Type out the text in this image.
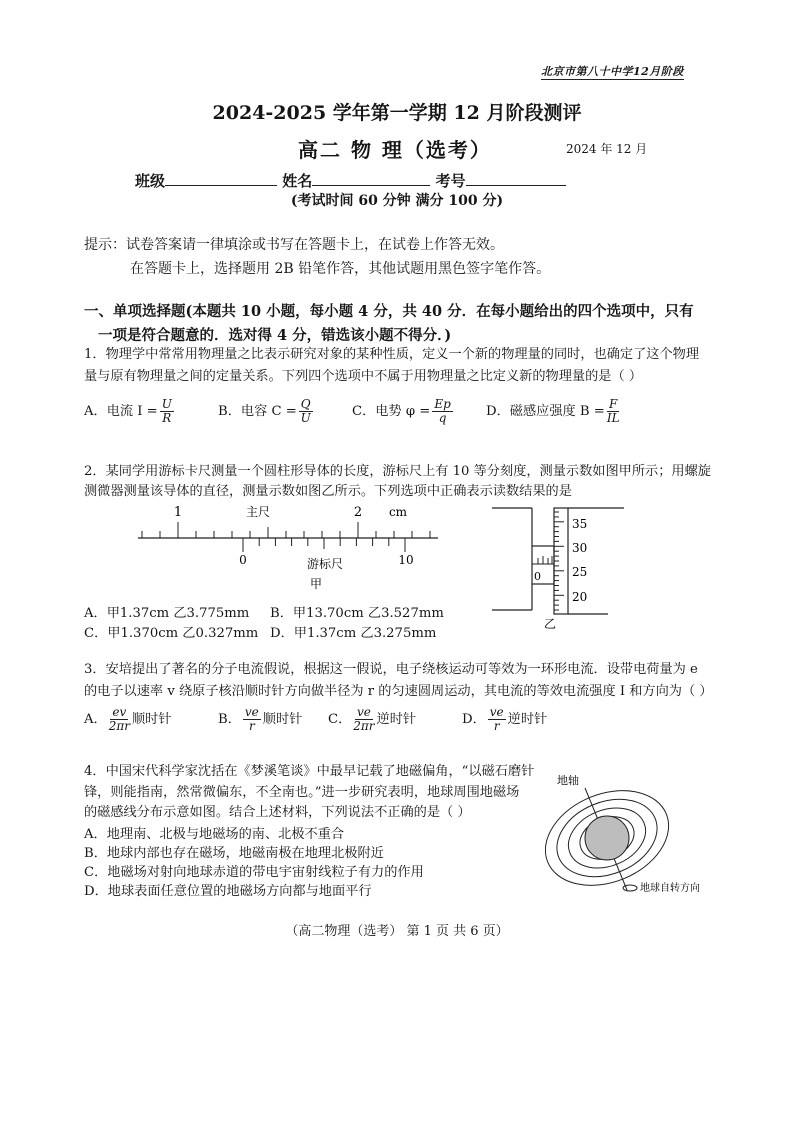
北京市第八十中学12月阶段
2024-2025 学年第一学期 12 月阶段测评
高二 物 理（选考）	2024 年 12 月
班级	姓名	考号
(考试时间 60 分钟 满分 100 分)
提示：试卷答案请一律填涂或书写在答题卡上，在试卷上作答无效。
在答题卡上，选择题用 2B 铅笔作答，其他试题用黑色签字笔作答。
一、单项选择题(本题共 10 小题，每小题 4 分，共 40 分．在每小题给出的四个选项中，只有
一项是符合题意的．选对得 4 分，错选该小题不得分．)
1．物理学中常常用物理量之比表示研究对象的某种性质，定义一个新的物理量的同时，也确定了这个物理
量与原有物理量之间的定量关系。下列四个选项中不属于用物理量之比定义新的物理量的是（ ）
A．电流 $I = \frac{U}{R}$	B．电容 $C = \frac{Q}{U}$	C．电势 $\varphi = \frac{Ep}{q}$	D．磁感应强度 $B = \frac{F}{IL}$
2．某同学用游标卡尺测量一个圆柱形导体的长度，游标尺上有 10 等分刻度，测量示数如图甲所示；用螺旋
测微器测量该导体的直径，测量示数如图乙所示。下列选项中正确表示读数结果的是
1	2
主尺	cm
0	10
游标尺
甲
35
30
25
20
0
乙
A．甲1.37cm 乙3.775mm B．甲13.70cm 乙3.527mm
C．甲1.370cm 乙0.327mm D．甲1.37cm 乙3.275mm
3．安培提出了著名的分子电流假说，根据这一假说，电子绕核运动可等效为一环形电流．设带电荷量为 e
的电子以速率 v 绕原子核沿顺时针方向做半径为 r 的匀速圆周运动，其电流的等效电流强度 I 和方向为（ ）
A． $\frac{ev}{2\pi r}$ 顺时针	B． $\frac{ve}{r}$ 顺时针 C． $\frac{ve}{2\pi r}$ 逆时针	D． $\frac{ve}{r}$ 逆时针
4．中国宋代科学家沈括在《梦溪笔谈》中最早记载了地磁偏角，“以磁石磨针
锋，则能指南，然常微偏东，不全南也。”进一步研究表明，地球周围地磁场
的磁感线分布示意如图。结合上述材料，下列说法不正确的是（ ）
A．地理南、北极与地磁场的南、北极不重合
B．地球内部也存在磁场，地磁南极在地理北极附近
C．地磁场对射向地球赤道的带电宇宙射线粒子有力的作用
D．地球表面任意位置的地磁场方向都与地面平行
地轴
地球自转方向
（高二物理（选考） 第 1 页 共 6 页）
